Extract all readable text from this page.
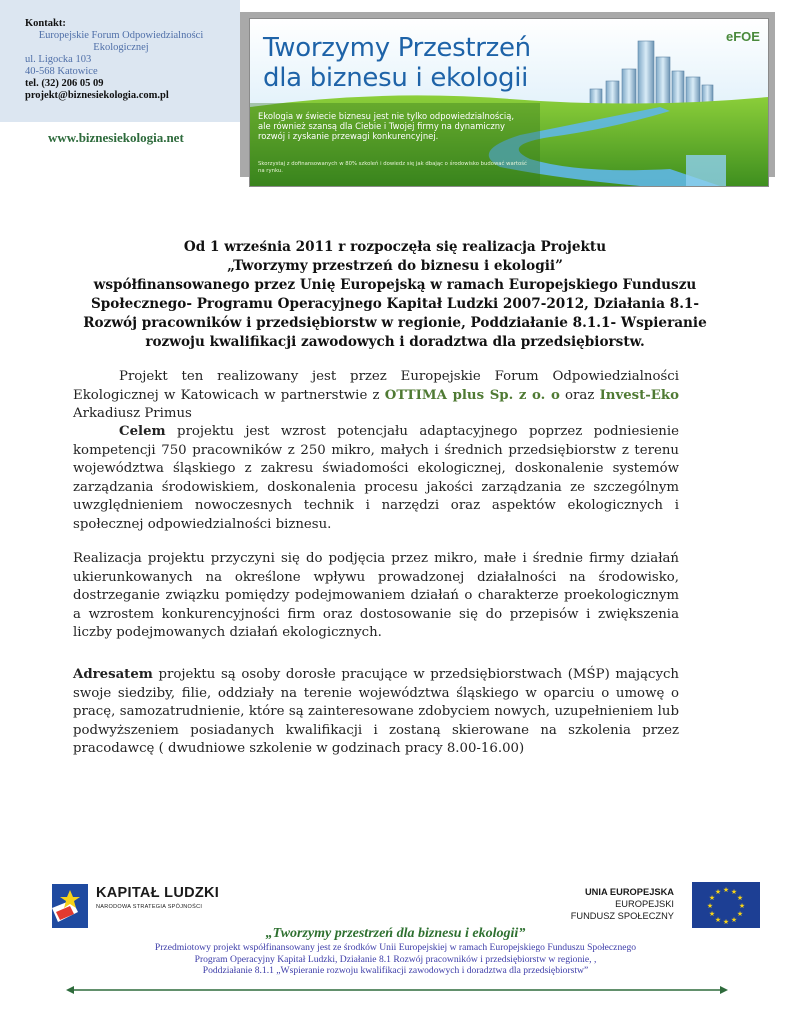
Kontakt:
Europejskie Forum Odpowiedzialności Ekologicznej
ul. Ligocka 103
40-568 Katowice
tel. (32) 206 05 09
projekt@biznesiekologia.com.pl
www.biznesiekologia.net
Tworzymy Przestrzeń
dla biznesu i ekologii
eFOE
Ekologia w świecie biznesu jest nie tylko odpowiedzialnością, ale również szansą dla Ciebie i Twojej firmy na dynamiczny rozwój i zyskanie przewagi konkurencyjnej.
Skorzystaj z dofinansowanych w 80% szkoleń i dowiedz się jak dbając o środowisko budować wartość na rynku.
Od 1 września 2011 r rozpoczęła się realizacja Projektu
„Tworzymy przestrzeń do biznesu i ekologii”
współfinansowanego przez Unię Europejską w ramach Europejskiego Funduszu
Społecznego- Programu Operacyjnego Kapitał Ludzki 2007-2012, Działania 8.1-
Rozwój pracowników i przedsiębiorstw w regionie, Poddziałanie 8.1.1- Wspieranie
rozwoju kwalifikacji zawodowych i doradztwa dla przedsiębiorstw.
Projekt ten realizowany jest przez Europejskie Forum Odpowiedzialności Ekologicznej w Katowicach w partnerstwie z OTTIMA plus Sp. z o. o oraz Invest-Eko Arkadiusz Primus
Celem projektu jest wzrost potencjału adaptacyjnego poprzez podniesienie kompetencji 750 pracowników z 250 mikro, małych i średnich przedsiębiorstw z terenu województwa śląskiego z zakresu świadomości ekologicznej, doskonalenie systemów zarządzania środowiskiem, doskonalenia procesu jakości zarządzania ze szczególnym uwzględnieniem nowoczesnych technik i narzędzi oraz aspektów ekologicznych i społecznej odpowiedzialności biznesu.
Realizacja projektu przyczyni się do podjęcia przez mikro, małe i średnie firmy działań ukierunkowanych na określone wpływu prowadzonej działalności na środowisko, dostrzeganie związku pomiędzy podejmowaniem działań o charakterze proekologicznym a wzrostem konkurencyjności firm oraz dostosowanie się do przepisów i zwiększenia liczby podejmowanych działań ekologicznych.
Adresatem projektu są osoby dorosłe pracujące w przedsiębiorstwach (MŚP) mających swoje siedziby, filie, oddziały na terenie województwa śląskiego w oparciu o umowę o pracę, samozatrudnienie, które są zainteresowane zdobyciem nowych, uzupełnieniem lub podwyższeniem posiadanych kwalifikacji i zostaną skierowane na szkolenia przez pracodawcę ( dwudniowe szkolenie w godzinach pracy 8.00-16.00)
KAPITAŁ LUDZKI
NARODOWA STRATEGIA SPÓJNOŚCI
UNIA EUROPEJSKA
EUROPEJSKI
FUNDUSZ SPOŁECZNY
★ ★
★
★
★
★
★
★
★
★
★
★
„Tworzymy przestrzeń dla biznesu i ekologii”
Przedmiotowy projekt współfinansowany jest ze środków Unii Europejskiej w ramach Europejskiego Funduszu Społecznego
Program Operacyjny Kapitał Ludzki, Działanie 8.1 Rozwój pracowników i przedsiębiorstw w regionie, ,
Poddziałanie 8.1.1 „Wspieranie rozwoju kwalifikacji zawodowych i doradztwa dla przedsiębiorstw”
